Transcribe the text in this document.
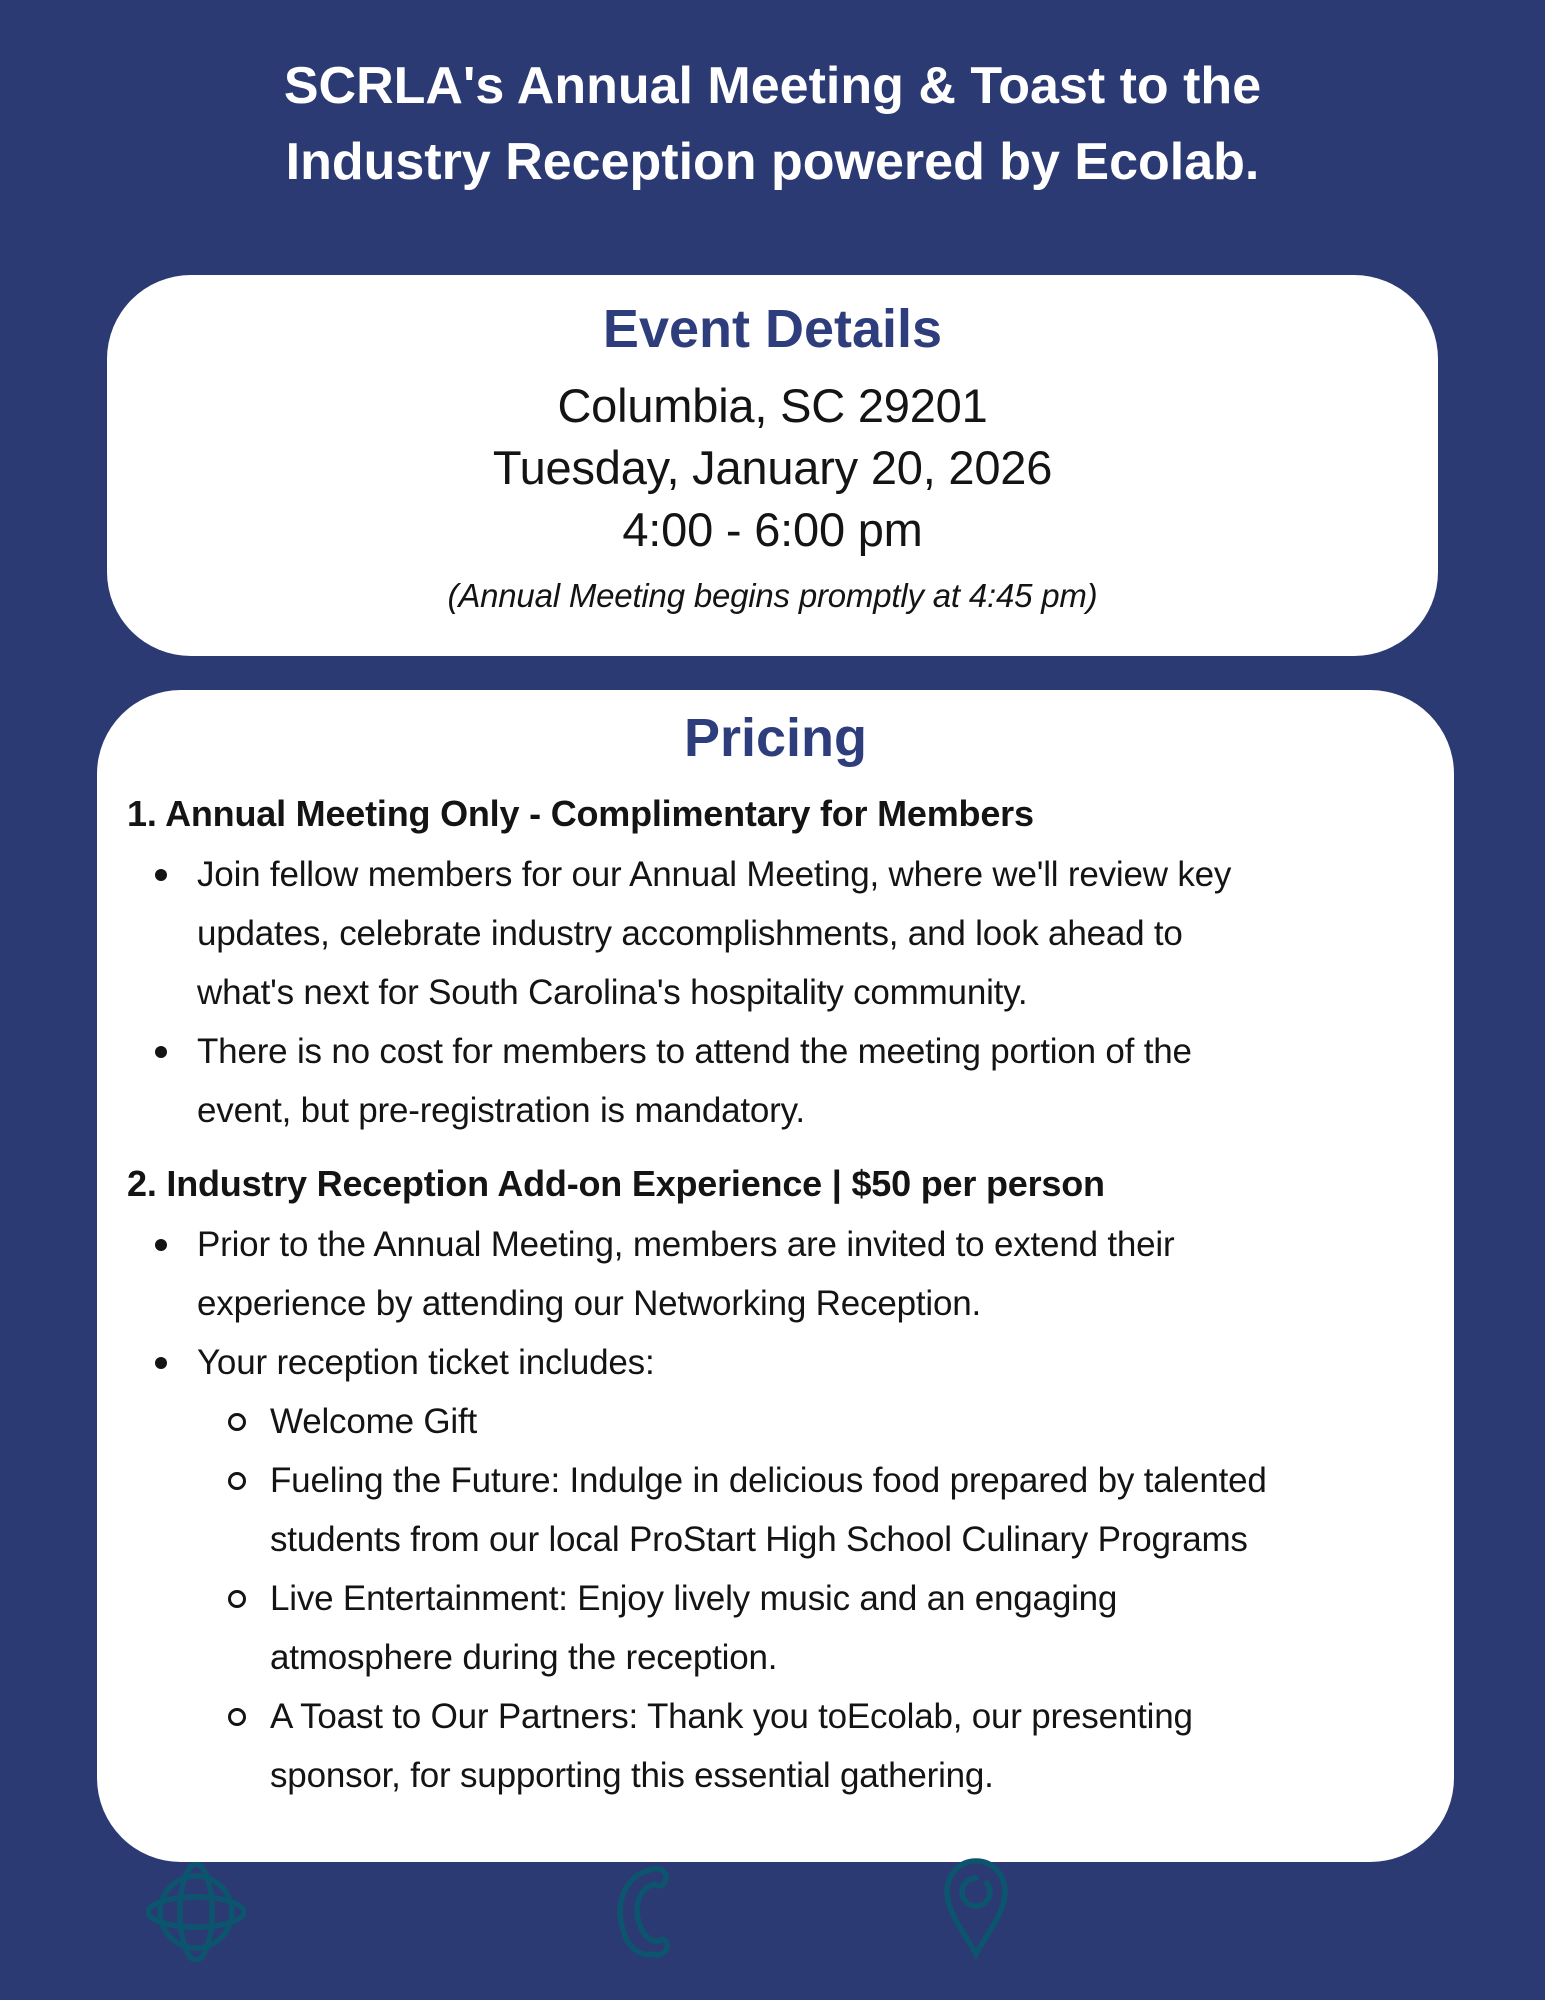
SCRLA's Annual Meeting & Toast to the
Industry Reception powered by Ecolab.
Event Details
Columbia, SC 29201
Tuesday, January 20, 2026
4:00 - 6:00 pm
(Annual Meeting begins promptly at 4:45 pm)
Pricing
1. Annual Meeting Only - Complimentary for Members
Join fellow members for our Annual Meeting, where we'll review key
updates, celebrate industry accomplishments, and look ahead to
what's next for South Carolina's hospitality community.
There is no cost for members to attend the meeting portion of the
event, but pre-registration is mandatory.
2. Industry Reception Add-on Experience | $50 per person
Prior to the Annual Meeting, members are invited to extend their
experience by attending our Networking Reception.
Your reception ticket includes:
Welcome Gift
Fueling the Future: Indulge in delicious food prepared by talented
students from our local ProStart High School Culinary Programs
Live Entertainment: Enjoy lively music and an engaging
atmosphere during the reception.
A Toast to Our Partners: Thank you toEcolab, our presenting
sponsor, for supporting this essential gathering.
